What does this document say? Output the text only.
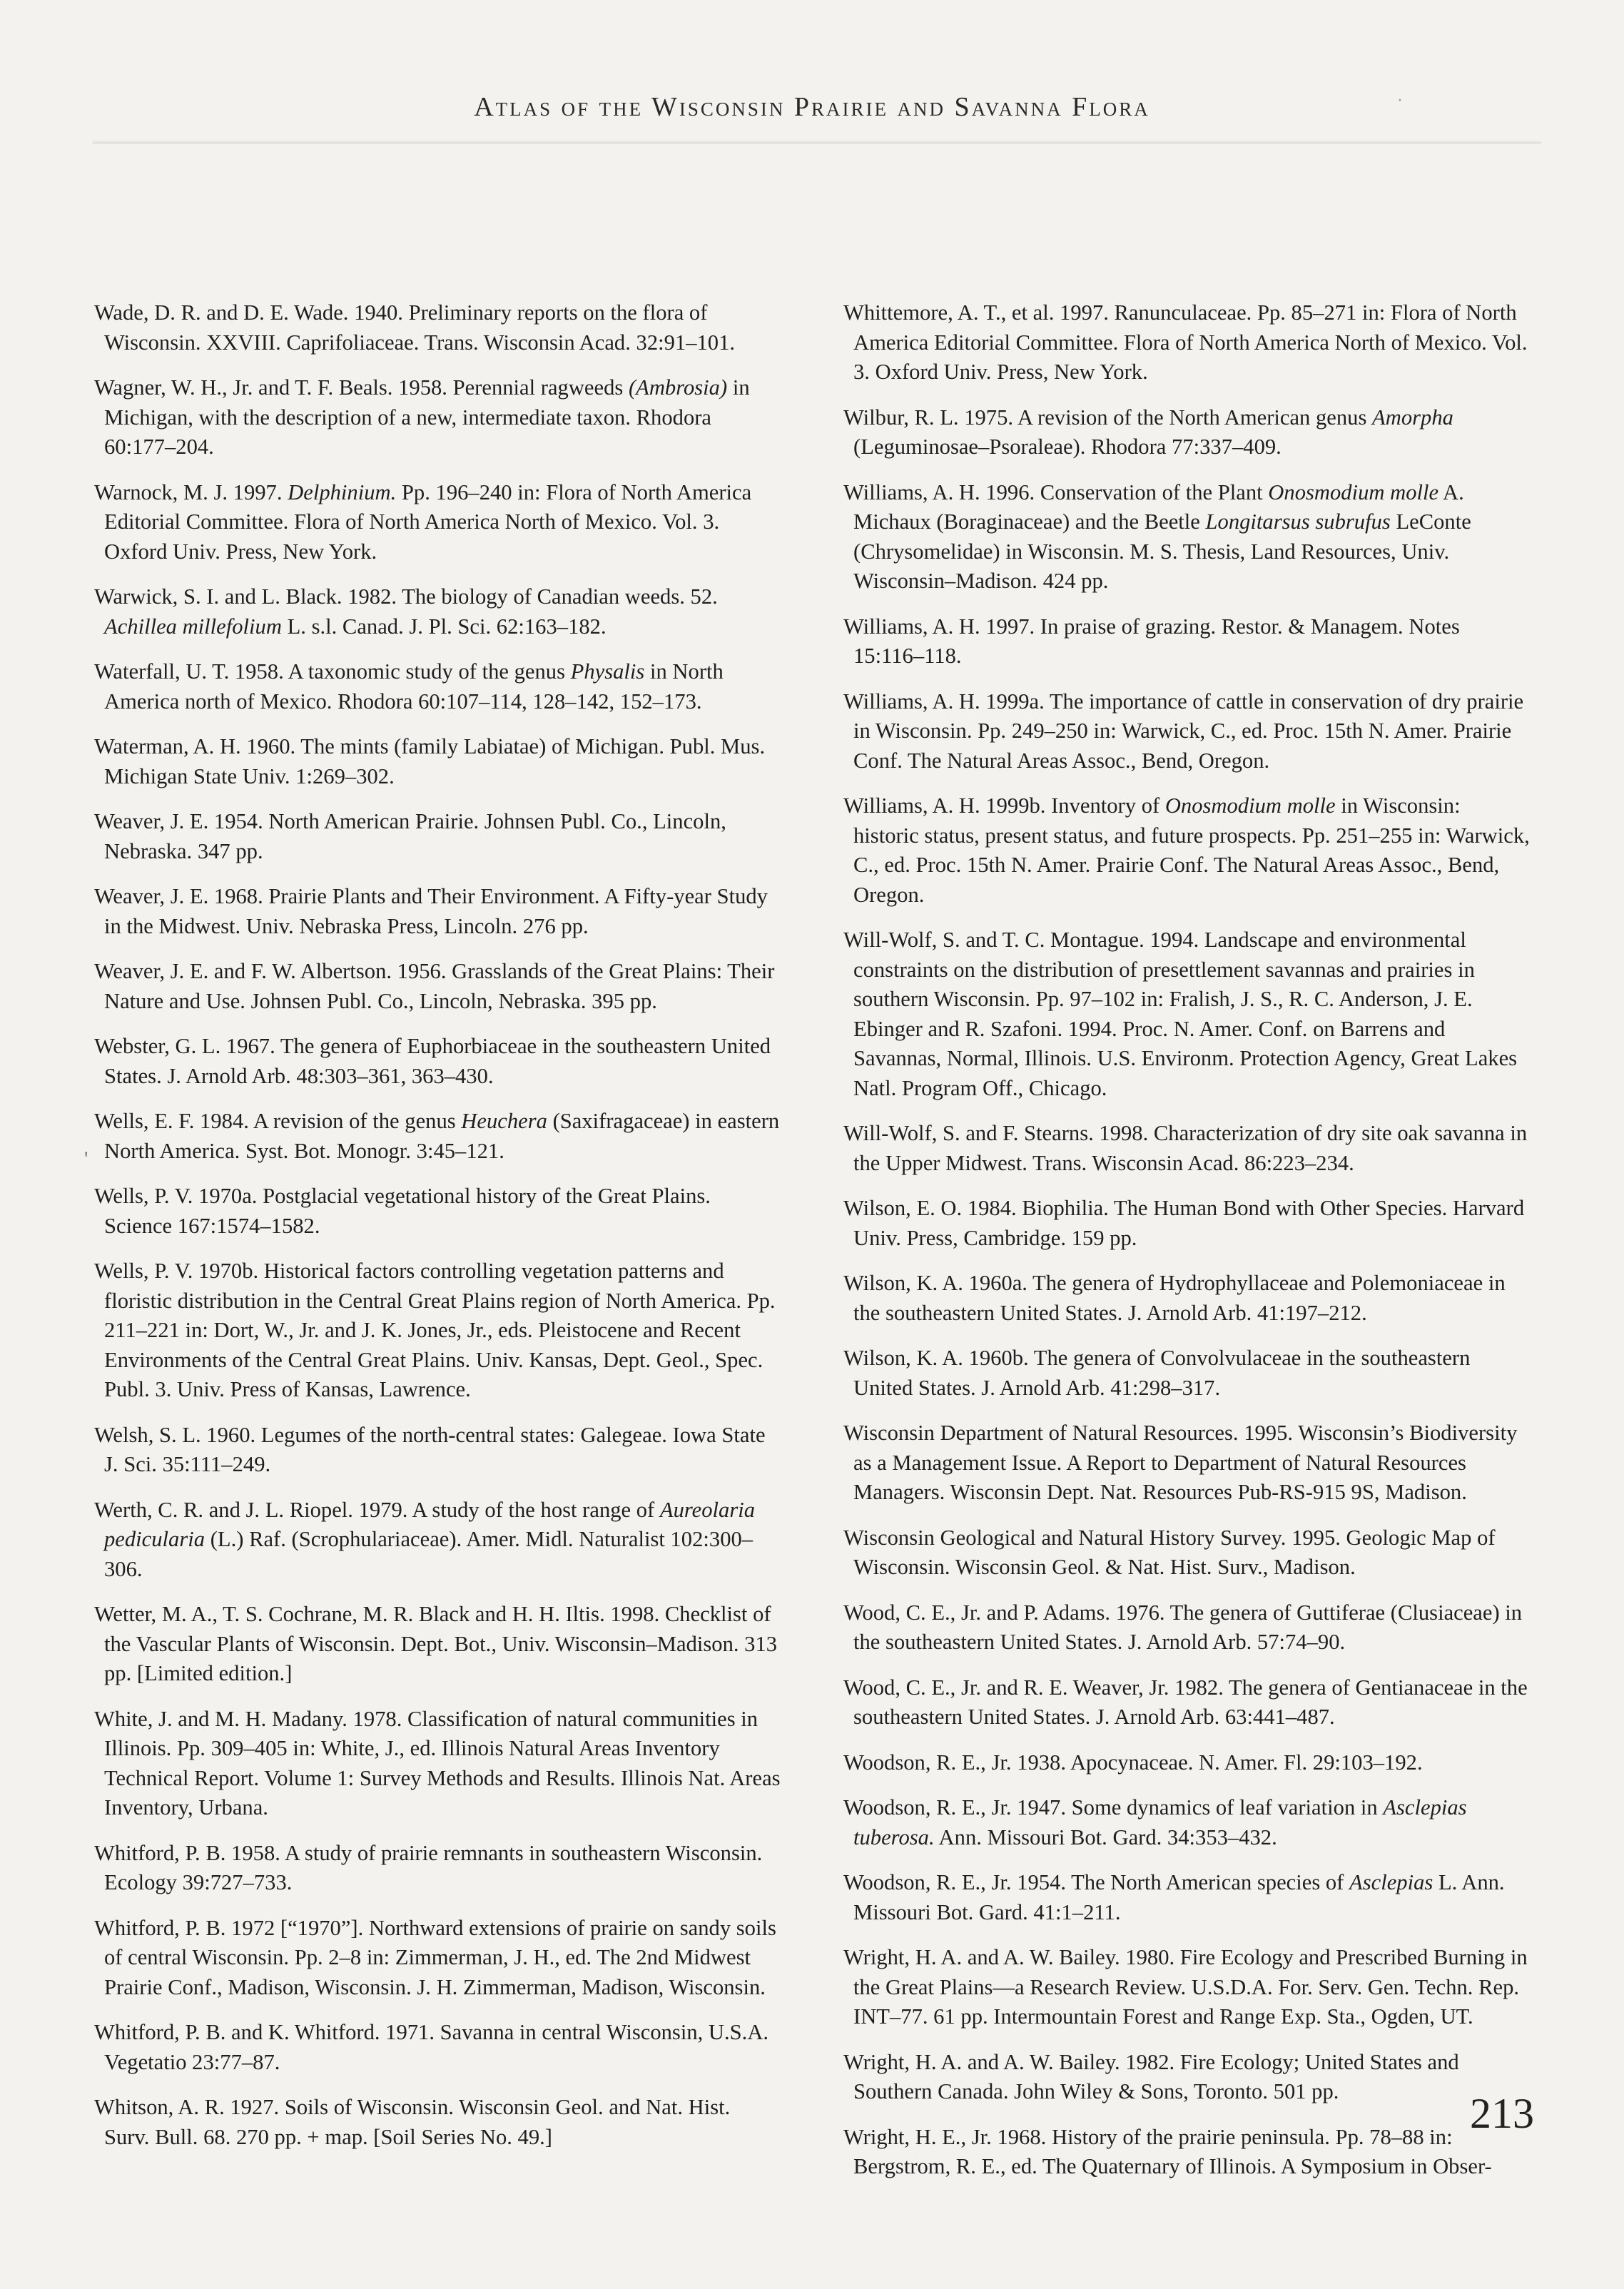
Atlas of the Wisconsin Prairie and Savanna Flora	·
'

Wade, D. R. and D. E. Wade. 1940. Preliminary reports on the flora of Wisconsin. XXVIII. Caprifoliaceae. Trans. Wisconsin Acad. 32:91–101.

Wagner, W. H., Jr. and T. F. Beals. 1958. Perennial ragweeds (Ambrosia) in Michigan, with the description of a new, intermediate taxon. Rhodora 60:177–204.

Warnock, M. J. 1997. Delphinium. Pp. 196–240 in: Flora of North America Editorial Committee. Flora of North America North of Mexico. Vol. 3. Oxford Univ. Press, New York.

Warwick, S. I. and L. Black. 1982. The biology of Canadian weeds. 52. Achillea millefolium L. s.l. Canad. J. Pl. Sci. 62:163–182.

Waterfall, U. T. 1958. A taxonomic study of the genus Physalis in North America north of Mexico. Rhodora 60:107–114, 128–142, 152–173.

Waterman, A. H. 1960. The mints (family Labiatae) of Michigan. Publ. Mus. Michigan State Univ. 1:269–302.

Weaver, J. E. 1954. North American Prairie. Johnsen Publ. Co., Lincoln, Nebraska. 347 pp.

Weaver, J. E. 1968. Prairie Plants and Their Environment. A Fifty-year Study in the Midwest. Univ. Nebraska Press, Lincoln. 276 pp.

Weaver, J. E. and F. W. Albertson. 1956. Grasslands of the Great Plains: Their Nature and Use. Johnsen Publ. Co., Lincoln, Nebraska. 395 pp.

Webster, G. L. 1967. The genera of Euphorbiaceae in the southeastern United States. J. Arnold Arb. 48:303–361, 363–430.

Wells, E. F. 1984. A revision of the genus Heuchera (Saxifragaceae) in eastern North America. Syst. Bot. Monogr. 3:45–121.

Wells, P. V. 1970a. Postglacial vegetational history of the Great Plains. Science 167:1574–1582.

Wells, P. V. 1970b. Historical factors controlling vegetation patterns and floristic distribution in the Central Great Plains region of North America. Pp. 211–221 in: Dort, W., Jr. and J. K. Jones, Jr., eds. Pleistocene and Recent Environments of the Central Great Plains. Univ. Kansas, Dept. Geol., Spec. Publ. 3. Univ. Press of Kansas, Lawrence.

Welsh, S. L. 1960. Legumes of the north-central states: Galegeae. Iowa State J. Sci. 35:111–249.

Werth, C. R. and J. L. Riopel. 1979. A study of the host range of Aureolaria pedicularia (L.) Raf. (Scrophulariaceae). Amer. Midl. Naturalist 102:300–306.

Wetter, M. A., T. S. Cochrane, M. R. Black and H. H. Iltis. 1998. Checklist of the Vascular Plants of Wisconsin. Dept. Bot., Univ. Wisconsin–Madison. 313 pp. [Limited edition.]

White, J. and M. H. Madany. 1978. Classification of natural communities in Illinois. Pp. 309–405 in: White, J., ed. Illinois Natural Areas Inventory Technical Report. Volume 1: Survey Methods and Results. Illinois Nat. Areas Inventory, Urbana.

Whitford, P. B. 1958. A study of prairie remnants in southeastern Wisconsin. Ecology 39:727–733.

Whitford, P. B. 1972 [“1970”]. Northward extensions of prairie on sandy soils of central Wisconsin. Pp. 2–8 in: Zimmerman, J. H., ed. The 2nd Midwest Prairie Conf., Madison, Wisconsin. J. H. Zimmerman, Madison, Wisconsin.

Whitford, P. B. and K. Whitford. 1971. Savanna in central Wisconsin, U.S.A. Vegetatio 23:77–87.

Whitson, A. R. 1927. Soils of Wisconsin. Wisconsin Geol. and Nat. Hist. Surv. Bull. 68. 270 pp. + map. [Soil Series No. 49.]

Whittemore, A. T., et al. 1997. Ranunculaceae. Pp. 85–271 in: Flora of North America Editorial Committee. Flora of North America North of Mexico. Vol. 3. Oxford Univ. Press, New York.

Wilbur, R. L. 1975. A revision of the North American genus Amorpha (Leguminosae–Psoraleae). Rhodora 77:337–409.

Williams, A. H. 1996. Conservation of the Plant Onosmodium molle A. Michaux (Boraginaceae) and the Beetle Longitarsus subrufus LeConte (Chrysomelidae) in Wisconsin. M. S. Thesis, Land Resources, Univ. Wisconsin–Madison. 424 pp.

Williams, A. H. 1997. In praise of grazing. Restor. & Managem. Notes 15:116–118.

Williams, A. H. 1999a. The importance of cattle in conservation of dry prairie in Wisconsin. Pp. 249–250 in: Warwick, C., ed. Proc. 15th N. Amer. Prairie Conf. The Natural Areas Assoc., Bend, Oregon.

Williams, A. H. 1999b. Inventory of Onosmodium molle in Wisconsin: historic status, present status, and future prospects. Pp. 251–255 in: Warwick, C., ed. Proc. 15th N. Amer. Prairie Conf. The Natural Areas Assoc., Bend, Oregon.

Will-Wolf, S. and T. C. Montague. 1994. Landscape and environmental constraints on the distribution of presettlement savannas and prairies in southern Wisconsin. Pp. 97–102 in: Fralish, J. S., R. C. Anderson, J. E. Ebinger and R. Szafoni. 1994. Proc. N. Amer. Conf. on Barrens and Savannas, Normal, Illinois. U.S. Environm. Protection Agency, Great Lakes Natl. Program Off., Chicago.

Will-Wolf, S. and F. Stearns. 1998. Characterization of dry site oak savanna in the Upper Midwest. Trans. Wisconsin Acad. 86:223–234.

Wilson, E. O. 1984. Biophilia. The Human Bond with Other Species. Harvard Univ. Press, Cambridge. 159 pp.

Wilson, K. A. 1960a. The genera of Hydrophyllaceae and Polemoniaceae in the southeastern United States. J. Arnold Arb. 41:197–212.

Wilson, K. A. 1960b. The genera of Convolvulaceae in the southeastern United States. J. Arnold Arb. 41:298–317.

Wisconsin Department of Natural Resources. 1995. Wisconsin’s Biodiversity as a Management Issue. A Report to Department of Natural Resources Managers. Wisconsin Dept. Nat. Resources Pub-RS-915 9S, Madison.

Wisconsin Geological and Natural History Survey. 1995. Geologic Map of Wisconsin. Wisconsin Geol. & Nat. Hist. Surv., Madison.

Wood, C. E., Jr. and P. Adams. 1976. The genera of Guttiferae (Clusiaceae) in the southeastern United States. J. Arnold Arb. 57:74–90.

Wood, C. E., Jr. and R. E. Weaver, Jr. 1982. The genera of Gentianaceae in the southeastern United States. J. Arnold Arb. 63:441–487.

Woodson, R. E., Jr. 1938. Apocynaceae. N. Amer. Fl. 29:103–192.

Woodson, R. E., Jr. 1947. Some dynamics of leaf variation in Asclepias tuberosa. Ann. Missouri Bot. Gard. 34:353–432.

Woodson, R. E., Jr. 1954. The North American species of Asclepias L. Ann. Missouri Bot. Gard. 41:1–211.

Wright, H. A. and A. W. Bailey. 1980. Fire Ecology and Prescribed Burning in the Great Plains—a Research Review. U.S.D.A. For. Serv. Gen. Techn. Rep. INT–77. 61 pp. Intermountain Forest and Range Exp. Sta., Ogden, UT.

Wright, H. A. and A. W. Bailey. 1982. Fire Ecology; United States and Southern Canada. John Wiley & Sons, Toronto. 501 pp.

Wright, H. E., Jr. 1968. History of the prairie peninsula. Pp. 78–88 in: Bergstrom, R. E., ed. The Quaternary of Illinois. A Symposium in Obser-

213
